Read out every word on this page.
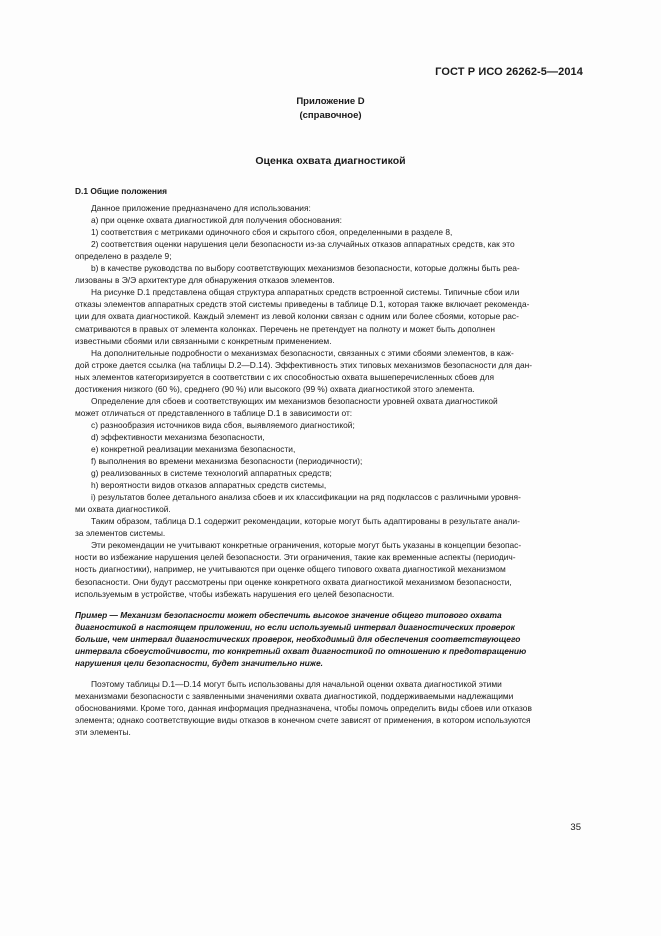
ГОСТ Р ИСО 26262-5—2014
Приложение D
(справочное)
Оценка охвата диагностикой

D.1 Общие положения

Данное приложение предназначено для использования:
а) при оценке охвата диагностикой для получения обоснования:
1) соответствия с метриками одиночного сбоя и скрытого сбоя, определенными в разделе 8,
2) соответствия оценки нарушения цели безопасности из-за случайных отказов аппаратных средств, как это
определено в разделе 9;
b) в качестве руководства по выбору соответствующих механизмов безопасности, которые должны быть реа-
лизованы в Э/Э архитектуре для обнаружения отказов элементов.
На рисунке D.1 представлена общая структура аппаратных средств встроенной системы. Типичные сбои или
отказы элементов аппаратных средств этой системы приведены в таблице D.1, которая также включает рекоменда-
ции для охвата диагностикой. Каждый элемент из левой колонки связан с одним или более сбоями, которые рас-
сматриваются в правых от элемента колонках. Перечень не претендует на полноту и может быть дополнен
известными сбоями или связанными с конкретным применением.
На дополнительные подробности о механизмах безопасности, связанных с этими сбоями элементов, в каж-
дой строке дается ссылка (на таблицы D.2—D.14). Эффективность этих типовых механизмов безопасности для дан-
ных элементов категоризируется в соответствии с их способностью охвата вышеперечисленных сбоев для
достижения низкого (60 %), среднего (90 %) или высокого (99 %) охвата диагностикой этого элемента.
Определение для сбоев и соответствующих им механизмов безопасности уровней охвата диагностикой
может отличаться от представленного в таблице D.1 в зависимости от:
с) разнообразия источников вида сбоя, выявляемого диагностикой;
d) эффективности механизма безопасности,
е) конкретной реализации механизма безопасности,
f) выполнения во времени механизма безопасности (периодичности);
g) реализованных в системе технологий аппаратных средств;
h) вероятности видов отказов аппаратных средств системы,
i) результатов более детального анализа сбоев и их классификации на ряд подклассов с различными уровня-
ми охвата диагностикой.
Таким образом, таблица D.1 содержит рекомендации, которые могут быть адаптированы в результате анали-
за элементов системы.
Эти рекомендации не учитывают конкретные ограничения, которые могут быть указаны в концепции безопас-
ности во избежание нарушения целей безопасности. Эти ограничения, такие как временные аспекты (периодич-
ность диагностики), например, не учитываются при оценке общего типового охвата диагностикой механизмом
безопасности. Они будут рассмотрены при оценке конкретного охвата диагностикой механизмом безопасности,
используемым в устройстве, чтобы избежать нарушения его целей безопасности.
Пример — Механизм безопасности может обеспечить высокое значение общего типового охвата
диагностикой в настоящем приложении, но если используемый интервал диагностических проверок
больше, чем интервал диагностических проверок, необходимый для обеспечения соответствующего
интервала сбоеустойчивости, то конкретный охват диагностикой по отношению к предотвращению
нарушения цели безопасности, будет значительно ниже.
Поэтому таблицы D.1—D.14 могут быть использованы для начальной оценки охвата диагностикой этими
механизмами безопасности с заявленными значениями охвата диагностикой, поддерживаемыми надлежащими
обоснованиями. Кроме того, данная информация предназначена, чтобы помочь определить виды сбоев или отказов
элемента; однако соответствующие виды отказов в конечном счете зависят от применения, в котором используются
эти элементы.
35
